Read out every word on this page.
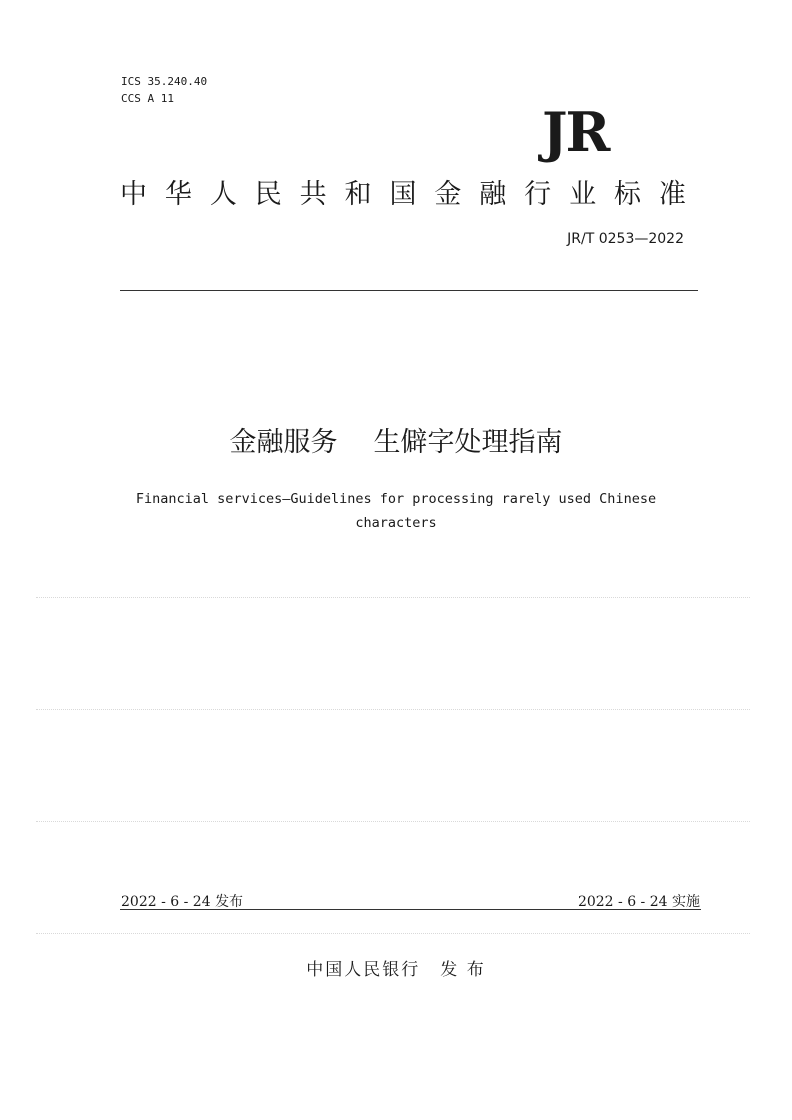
ICS 35.240.40
CCS A 11
JR
中 华 人 民 共 和 国 金 融 行 业 标 准
JR/T 0253—2022
金融服务 生僻字处理指南
Financial services—Guidelines for processing rarely used Chinese
characters
2022 - 6 - 24 发布	2022 - 6 - 24 实施
中国人民银行 发 布
